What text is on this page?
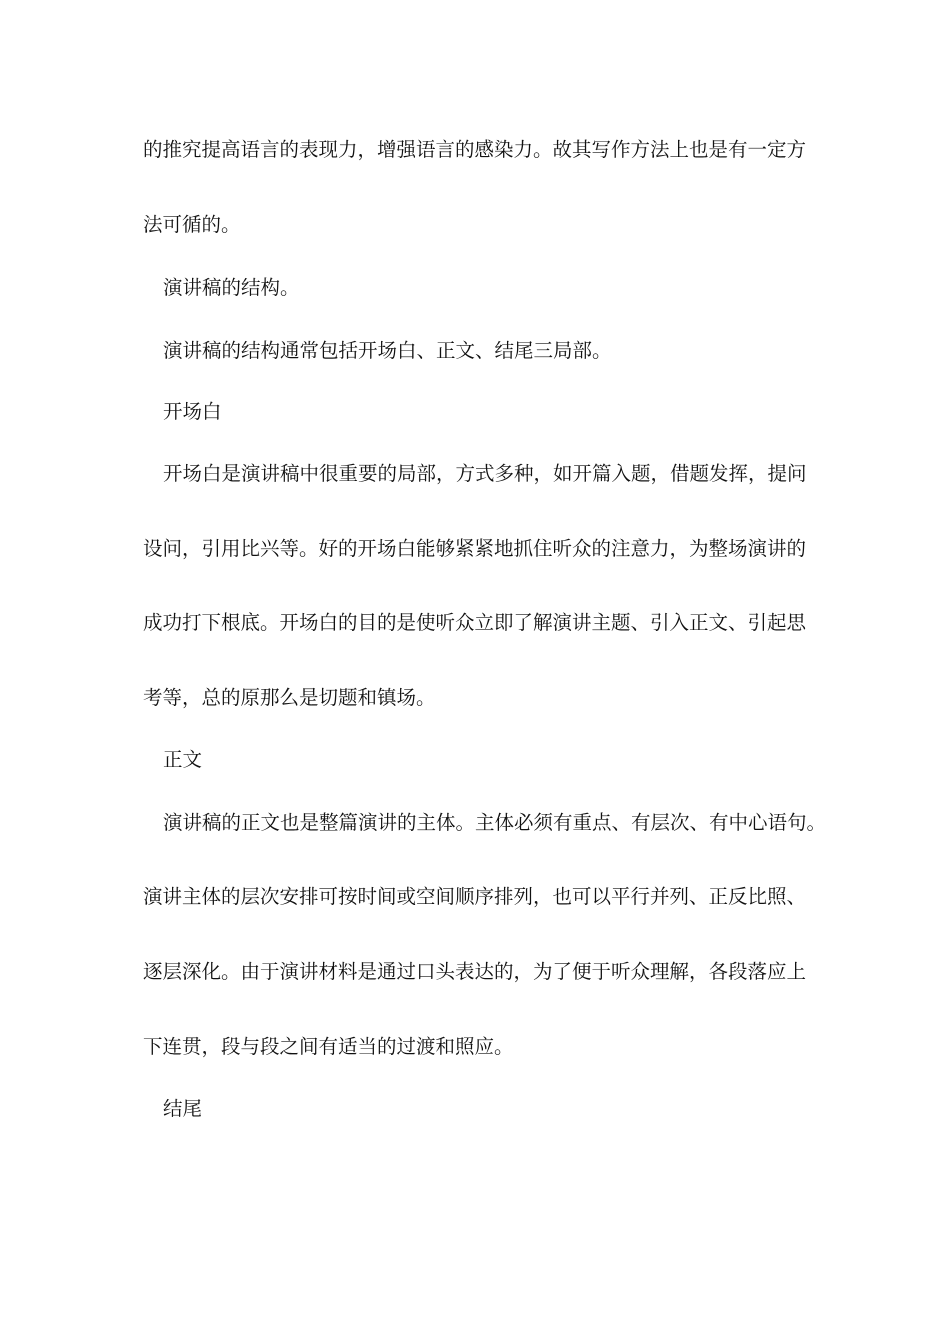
的推究提高语言的表现力，增强语言的感染力。故其写作方法上也是有一定方

法可循的。

演讲稿的结构。

演讲稿的结构通常包括开场白、正文、结尾三局部。

开场白

开场白是演讲稿中很重要的局部，方式多种，如开篇入题，借题发挥，提问

设问，引用比兴等。好的开场白能够紧紧地抓住听众的注意力，为整场演讲的

成功打下根底。开场白的目的是使听众立即了解演讲主题、引入正文、引起思

考等，总的原那么是切题和镇场。

正文

演讲稿的正文也是整篇演讲的主体。主体必须有重点、有层次、有中心语句。

演讲主体的层次安排可按时间或空间顺序排列，也可以平行并列、正反比照、

逐层深化。由于演讲材料是通过口头表达的，为了便于听众理解，各段落应上

下连贯，段与段之间有适当的过渡和照应。

结尾
